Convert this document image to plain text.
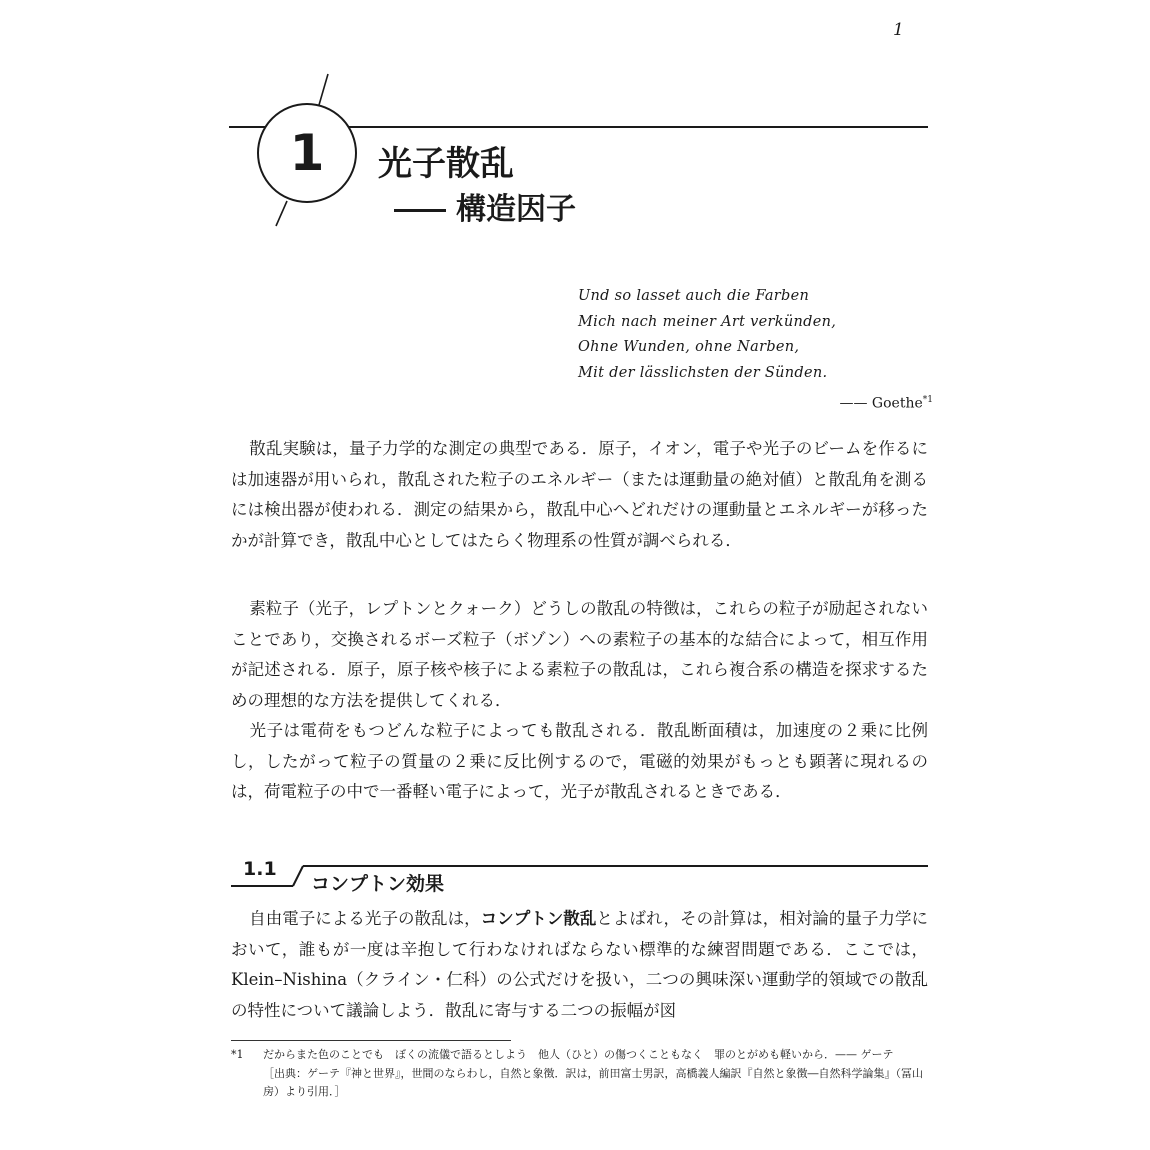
1
1	光子散乱
構造因子
Und so lasset auch die Farben
Mich nach meiner Art verkünden,
Ohne Wunden, ohne Narben,
Mit der lässlichsten der Sünden.
—— Goethe$^{*1}$

散乱実験は，量子力学的な測定の典型である．原子，イオン，電子や光子のビームを作るには加速器が用いられ，散乱された粒子のエネルギー（または運動量の絶対値）と散乱角を測るには検出器が使われる．測定の結果から，散乱中心へどれだけの運動量とエネルギーが移ったかが計算でき，散乱中心としてはたらく物理系の性質が調べられる．

素粒子（光子，レプトンとクォーク）どうしの散乱の特徴は，これらの粒子が励起されないことであり，交換されるボーズ粒子（ボゾン）への素粒子の基本的な結合によって，相互作用が記述される．原子，原子核や核子による素粒子の散乱は，これら複合系の構造を探求するための理想的な方法を提供してくれる．

光子は電荷をもつどんな粒子によっても散乱される．散乱断面積は，加速度の２乗に比例し，したがって粒子の質量の２乗に反比例するので，電磁的効果がもっとも顕著に現れるのは，荷電粒子の中で一番軽い電子によって，光子が散乱されるときである．

1.1
コンプトン効果

自由電子による光子の散乱は，コンプトン散乱とよばれ，その計算は，相対論的量子力学において，誰もが一度は辛抱して行わなければならない標準的な練習問題である．ここでは，Klein–Nishina（クライン・仁科）の公式だけを扱い，二つの興味深い運動学的領域での散乱の特性について議論しよう．散乱に寄与する二つの振幅が図

*1 だからまた色のことでも　ぼくの流儀で語るとしよう　他人（ひと）の傷つくこともなく　罪のとがめも軽いから．—— ゲーテ
［出典：ゲーテ『神と世界』，世間のならわし，自然と象徴．訳は，前田富士男訳，高橋義人編訳『自然と象徴―自然科学論集』（冨山房）より引用．］
